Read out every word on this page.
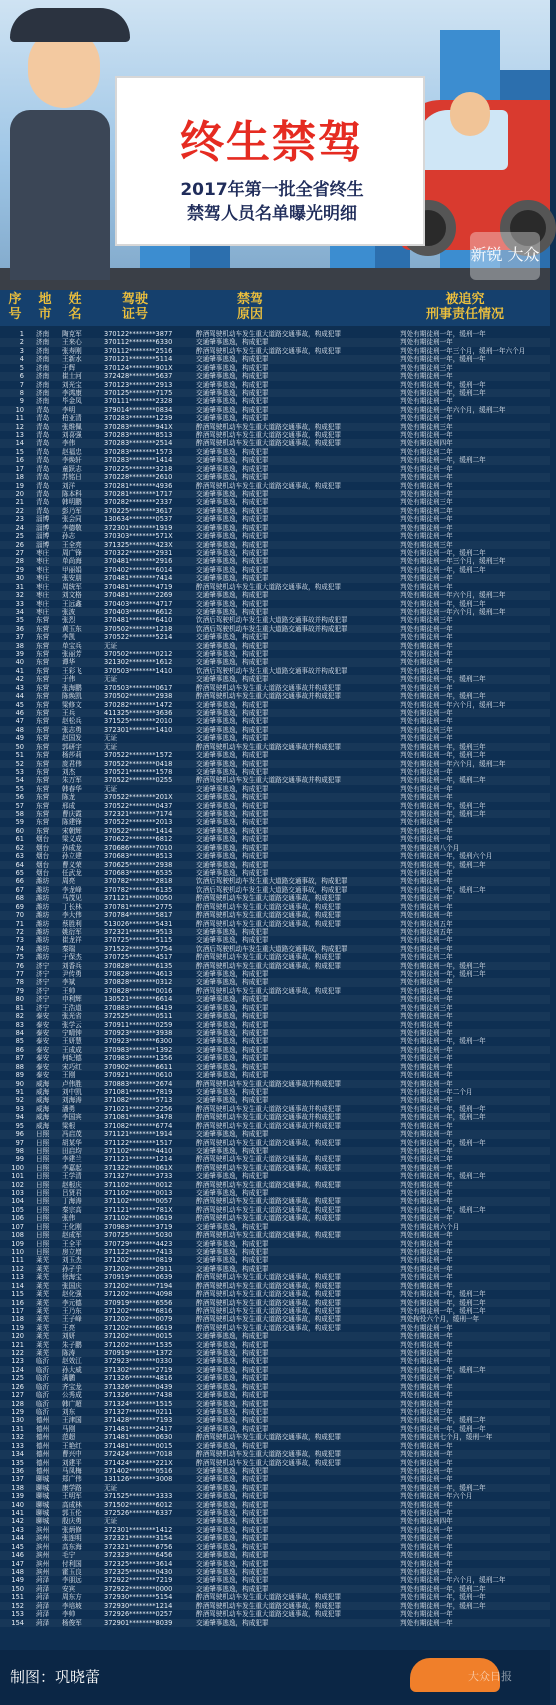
终生禁驾
2017年第一批全省终生
禁驾人员名单曝光明细
新锐 大众
序
号
地
市
姓
名
驾驶
证号
禁驾
原因
被追究
刑事责任情况
1 济南	陶克军	370122********3877	醉酒驾驶机动车发生重大道路交通事故，构成犯罪	判处有期徒刑一年，缓刑一年
2 济南	王来心	370112********6330	交通肇事逃逸，构成犯罪	判处有期徒刑一年
3 济南	张寿刚	370112********2516	醉酒驾驶机动车发生重大道路交通事故，构成犯罪	判处有期徒刑一年三个月，缓刑一年六个月
4 济南	王新水	370121********5114	交通肇事逃逸，构成犯罪	判处有期徒刑一年，缓刑一年
5 济南	于辉	370124********901X	交通肇事逃逸，构成犯罪	判处有期徒刑三年
6 济南	崔士河	372428********5637	交通肇事逃逸，构成犯罪	判处有期徒刑一年
7 济南	刘光宝	370123********2913	交通肇事逃逸，构成犯罪	判处有期徒刑一年，缓刑一年
8 济南	李鸿康	370125********7175	交通肇事逃逸，构成犯罪	判处有期徒刑一年，缓刑二年
9 济南	毕金凤	370111********2328	交通肇事逃逸，构成犯罪	判处有期徒刑一年
10 青岛	李明	379014********0834	交通肇事逃逸，构成犯罪	判处有期徒刑一年六个月，缓刑二年
11 青岛	柏亚清	370283********1239	交通肇事逃逸，构成犯罪	判处有期徒刑一年
12 青岛	张维佩	370283********941X	醉酒驾驶机动车发生重大道路交通事故，构成犯罪	判处有期徒刑三年
13 青岛	刘喜强	370283********8513	醉酒驾驶机动车发生重大道路交通事故，构成犯罪	判处有期徒刑一年
14 青岛	李伟	370283********2514	醉酒驾驶机动车发生重大道路交通事故，构成犯罪	判处有期徒刑四年
15 青岛	赵福忠	370283********1573	交通肇事逃逸，构成犯罪	判处有期徒刑二年
16 青岛	李焕轩	370283********1414	交通肇事逃逸，构成犯罪	判处有期徒刑一年，缓刑二年
17 青岛	童跃志	370225********3218	交通肇事逃逸，构成犯罪	判处有期徒刑一年
18 青岛	苏铭日	370228********2610	交通肇事逃逸，构成犯罪	判处有期徒刑一年
19 青岛	刘洋	370281********4936	醉酒驾驶机动车发生重大道路交通事故，构成犯罪	判处有期徒刑一年
20 青岛	陈本科	370281********1717	交通肇事逃逸，构成犯罪	判处有期徒刑一年
21 青岛	韩明鹏	370282********2337	交通肇事逃逸，构成犯罪	判处有期徒刑三年
22 青岛	彭乃军	370225********3617	交通肇事逃逸，构成犯罪	判处有期徒刑二年
23 淄博	张会同	130634********0537	交通肇事逃逸，构成犯罪	判处有期徒刑一年
24 淄博	李德敬	372301********1919	交通肇事逃逸，构成犯罪	判处有期徒刑一年
25 淄博	孙志	370303********571X	交通肇事逃逸，构成犯罪	判处有期徒刑一年
26 淄博	王全亮	371325********423X	交通肇事逃逸，构成犯罪	判处有期徒刑三年
27 枣庄	周广锋	370322********2931	交通肇事逃逸，构成犯罪	判处有期徒刑一年，缓刑二年
28 枣庄	单尚海	370481********2916	交通肇事逃逸，构成犯罪	判处有期徒刑一年三个月，缓刑三年
29 枣庄	甲丽娟	370402********6014	交通肇事逃逸，构成犯罪	判处有期徒刑一年，缓刑二年
30 枣庄	张安朋	370481********7414	交通肇事逃逸，构成犯罪	判处有期徒刑一年
31 枣庄	周统军	370481********4719	醉酒驾驶机动车发生重大道路交通事故，构成犯罪	判处有期徒刑一年
32 枣庄	刘文格	370481********2269	交通肇事逃逸，构成犯罪	判处有期徒刑一年六个月，缓刑二年
33 枣庄	王远鑫	370403********4717	交通肇事逃逸，构成犯罪	判处有期徒刑一年，缓刑二年
34 枣庄	张波	370403********6612	交通肇事逃逸，构成犯罪	判处有期徒刑一年六个月，缓刑二年
35 东营	张烈	370481********6410	饮酒后驾驶机动车发生重大道路交通事故并构成犯罪	判处有期徒刑三年
36 东营	黄玉东	370502********1218	饮酒后驾驶机动车发生重大道路交通事故并构成犯罪	判处有期徒刑一年
37 东营	李凯	370522********5214	交通肇事逃逸，构成犯罪	判处有期徒刑一年
38 东营	单宝兵	无证	交通肇事逃逸，构成犯罪	判处有期徒刑一年
39 东营	张丽芳	370502********0212	交通肇事逃逸，构成犯罪	判处有期徒刑一年
40 东营	谭华	321302********1612	交通肇事逃逸，构成犯罪	判处有期徒刑一年
41 东营	王彩飞	370503********1410	饮酒后驾驶机动车发生重大道路交通事故并构成犯罪	判处有期徒刑一年
42 东营	于伟	无证	交通肇事逃逸，构成犯罪	判处有期徒刑一年，缓刑二年
43 东营	张海鹏	370503********0617	醉酒驾驶机动车发生重大道路交通事故并构成犯罪	判处有期徒刑一年
44 东营	陈焕凯	370502********2938	醉酒驾驶机动车发生重大道路交通事故并构成犯罪	判处有期徒刑一年，缓刑二年
45 东营	梁修文	370282********1472	交通肇事逃逸，构成犯罪	判处有期徒刑一年六个月，缓刑二年
46 东营	王兵	411325********3636	交通肇事逃逸，构成犯罪	判处有期徒刑一年
47 东营	赵松兵	371525********2010	交通肇事逃逸，构成犯罪	判处有期徒刑一年
48 东营	张志勇	372301********1410	交通肇事逃逸，构成犯罪	判处有期徒刑三年
49 东营	赵国发	无证	交通肇事逃逸，构成犯罪	判处有期徒刑一年
50 东营	郭研宇	无证	醉酒驾驶机动车发生重大道路交通事故并构成犯罪	判处有期徒刑一年，缓刑三年
51 东营	杨莎莉	370522********1572	交通肇事逃逸，构成犯罪	判处有期徒刑一年，缓刑二年
52 东营	庞君伟	370522********0418	交通肇事逃逸，构成犯罪	判处有期徒刑一年六个月，缓刑二年
53 东营	刘杰	370521********1578	交通肇事逃逸，构成犯罪	判处有期徒刑一年
54 东营	朱万军	370522********0255	醉酒驾驶机动车发生重大道路交通事故并构成犯罪	判处有期徒刑一年，缓刑二年
55 东营	韩春华	无证	交通肇事逃逸，构成犯罪	判处有期徒刑一年
56 东营	陈龙	370522********201X	交通肇事逃逸，构成犯罪	判处有期徒刑一年
57 东营	邢成	370522********0437	交通肇事逃逸，构成犯罪	判处有期徒刑一年，缓刑二年
58 东营	曹庆霞	372321********7174	交通肇事逃逸，构成犯罪	判处有期徒刑一年，缓刑二年
59 东营	陈建锋	370522********2013	交通肇事逃逸，构成犯罪	判处有期徒刑一年
60 东营	宋朝辉	370522********1414	交通肇事逃逸，构成犯罪	判处有期徒刑一年
61 烟台	梁义成	370622********6812	交通肇事逃逸，构成犯罪	判处有期徒刑一年
62 烟台	孙成龙	370686********7010	交通肇事逃逸，构成犯罪	判处有期徒刑八个月
63 烟台	孙立建	370683********8513	交通肇事逃逸，构成犯罪	判处有期徒刑一年，缓刑六个月
64 烟台	曹义荣	370625********2938	交通肇事逃逸，构成犯罪	判处有期徒刑一年，缓刑二年
65 烟台	任武龙	370683********6535	交通肇事逃逸，构成犯罪	判处有期徒刑一年
66 潍坊	周亮	370782********2818	饮酒后驾驶机动车发生重大道路交通事故，构成犯罪	判处有期徒刑一年
67 潍坊	李龙峰	370782********6135	饮酒后驾驶机动车发生重大道路交通事故，构成犯罪	判处有期徒刑一年，缓刑二年
68 潍坊	马茂见	371121********0050	醉酒驾驶机动车发生重大道路交通事故，构成犯罪	判处有期徒刑一年
69 潍坊	丁长林	370781********2775	醉酒驾驶机动车发生重大道路交通事故，构成犯罪	判处有期徒刑一年
70 潍坊	李大伟	370784********5817	醉酒驾驶机动车发生重大道路交通事故，构成犯罪	判处有期徒刑一年
71 潍坊	蔡胜利	513026********5431	醉酒驾驶机动车发生重大道路交通事故，构成犯罪	判处有期徒刑五年
72 潍坊	姚衍军	372321********9513	交通肇事逃逸，构成犯罪	判处有期徒刑五年
73 潍坊	崔龙祥	370725********5115	交通肇事逃逸，构成犯罪	判处有期徒刑一年
74 潍坊	秦瑞	371522********5754	饮酒后驾驶机动车发生重大道路交通事故，构成犯罪	判处有期徒刑一年
75 潍坊	于保杰	370725********4517	醉酒驾驶机动车发生重大道路交通事故，构成犯罪	判处有期徒刑二年
76 济宁	刘香兵	370828********6135	醉酒驾驶机动车发生重大道路交通事故，构成犯罪	判处有期徒刑一年，缓刑二年
77 济宁	尹传勇	370828********4613	交通肇事逃逸，构成犯罪	判处有期徒刑一年，缓刑二年
78 济宁	李斌	370828********0312	交通肇事逃逸，构成犯罪	判处有期徒刑一年
79 济宁	王帅	370828********0016	醉酒驾驶机动车发生重大道路交通事故，构成犯罪	判处有期徒刑一年
80 济宁	申利辉	130521********6614	交通肇事逃逸，构成犯罪	判处有期徒刑一年
81 济宁	王浩道	370883********6419	交通肇事逃逸，构成犯罪	判处有期徒刑三年
82 泰安	张光省	372525********0511	交通肇事逃逸，构成犯罪	判处有期徒刑一年
83 泰安	张学云	370911********0259	交通肇事逃逸，构成犯罪	判处有期徒刑一年
84 泰安	宁晴钟	370923********3938	交通肇事逃逸，构成犯罪	判处有期徒刑一年
85 泰安	王妍慧	370923********6300	交通肇事逃逸，构成犯罪	判处有期徒刑一年，缓刑一年
86 泰安	王成成	370983********1392	交通肇事逃逸，构成犯罪	判处有期徒刑一年
87 泰安	何纪德	370983********1356	交通肇事逃逸，构成犯罪	判处有期徒刑一年
88 泰安	宋巧红	370902********6611	交通肇事逃逸，构成犯罪	判处有期徒刑一年
89 泰安	王刚	370921********0610	交通肇事逃逸，构成犯罪	判处有期徒刑一年
90 威海	卢伟胜	370883********2674	醉酒驾驶机动车发生重大道路交通事故并构成犯罪	判处有期徒刑一年
91 威海	刘中凯	371081********7819	交通肇事逃逸，构成犯罪	判处有期徒刑一年二个月
92 威海	刘海涛	371082********5713	交通肇事逃逸，构成犯罪	判处有期徒刑一年
93 威海	潘勇	371021********2256	醉酒驾驶机动车发生重大道路交通事故并构成犯罪	判处有期徒刑一年，缓刑一年
94 威海	李国宾	371081********3478	醉酒驾驶机动车发生重大道路交通事故并构成犯罪	判处有期徒刑一年，缓刑二年
95 威海	梁根	371082********6774	醉酒驾驶机动车发生重大道路交通事故并构成犯罪	判处有期徒刑一年
96 日照	冯启茂	371121********1914	交通肇事逃逸，构成犯罪	判处有期徒刑一年
97 日照	胡某华	371122********1517	醉酒驾驶机动车发生重大道路交通事故，构成犯罪	判处有期徒刑一年，缓刑一年
98 日照	田启均	371102********4410	交通肇事逃逸，构成犯罪	判处有期徒刑一年
99 日照	李建兰	371121********1214	醉酒驾驶机动车发生重大道路交通事故，构成犯罪	判处有期徒刑二年
100 日照	李嘉起	371322********061X	醉酒驾驶机动车发生重大道路交通事故，构成犯罪	判处有期徒刑一年
101 日照	王学清	371327********3733	交通肇事逃逸，构成犯罪	判处有期徒刑一年，缓刑二年
102 日照	赵根庆	371102********0012	醉酒驾驶机动车发生重大道路交通事故，构成犯罪	判处有期徒刑一年
103 日照	吕贤君	371102********0013	交通肇事逃逸，构成犯罪	判处有期徒刑一年
104 日照	丁海涛	371102********0057	醉酒驾驶机动车发生重大道路交通事故，构成犯罪	判处有期徒刑一年
105 日照	秦宗高	371121********781X	醉酒驾驶机动车发生重大道路交通事故，构成犯罪	判处有期徒刑一年，缓刑二年
106 日照	张伟	371102********0619	醉酒驾驶机动车发生重大道路交通事故，构成犯罪	判处有期徒刑一年
107 日照	王化刚	370983********3719	交通肇事逃逸，构成犯罪	判处有期徒刑六个月
108 日照	赵成军	370725********5030	醉酒驾驶机动车发生重大道路交通事故，构成犯罪	判处有期徒刑一年
109 日照	王全平	370729********4423	交通肇事逃逸，构成犯罪	判处有期徒刑一年
110 日照	房立增	371122********7413	交通肇事逃逸，构成犯罪	判处有期徒刑一年
111 莱芜	刘玉杰	371202********0819	交通肇事逃逸，构成犯罪	判处有期徒刑一年
112 莱芜	孙孑乎	371202********2911	交通肇事逃逸，构成犯罪	判处有期徒刑一年
113 莱芜	徐海宝	370919********0639	醉酒驾驶机动车发生重大道路交通事故，构成犯罪	判处有期徒刑一年
114 莱芜	张国庆	371202********7194	醉酒驾驶机动车发生重大道路交通事故，构成犯罪	判处有期徒刑一年
115 莱芜	赵化强	371202********4098	醉酒驾驶机动车发生重大道路交通事故，构成犯罪	判处有期徒刑一年，缓刑二年
116 莱芜	李元德	370919********6556	醉酒驾驶机动车发生重大道路交通事故，构成犯罪	判处有期徒刑一年，缓刑二年
117 莱芜	王乃东	371202********6816	醉酒驾驶机动车发生重大道路交通事故，构成犯罪	判处有期徒刑一年，缓刑二年
118 莱芜	王子峰	371202********0079	醉酒驾驶机动车发生重大道路交通事故，构成犯罪	判处拘役六个月，缓刑一年
119 莱芜	王亮	371202********6619	醉酒驾驶机动车发生重大道路交通事故，构成犯罪	判处有期徒刑一年
120 莱芜	刘妍	371202********0015	交通肇事逃逸，构成犯罪	判处有期徒刑一年
121 莱芜	朱子鹏	371202********1535	交通肇事逃逸，构成犯罪	判处有期徒刑一年
122 莱芜	陈涛	370919********1372	交通肇事逃逸，构成犯罪	判处有期徒刑一年
123 临沂	赵效江	372923********0330	交通肇事逃逸，构成犯罪	判处有期徒刑一年
124 临沂	孙大威	371302********2719	交通肇事逃逸，构成犯罪	判处有期徒刑一年，缓刑二年
125 临沂	满鹏	371326********4816	交通肇事逃逸，构成犯罪	判处有期徒刑一年
126 临沂	齐宝龙	371326********0439	交通肇事逃逸，构成犯罪	判处有期徒刑一年
127 临沂	公秀成	371326********7438	交通肇事逃逸，构成犯罪	判处有期徒刑一年
128 临沂	韩广超	371324********1515	交通肇事逃逸，构成犯罪	判处有期徒刑一年
129 临沂	刘东	371327********0211	交通肇事逃逸，构成犯罪	判处有期徒刑三年
130 德州	王津国	371428********7193	交通肇事逃逸，构成犯罪	判处有期徒刑一年，缓刑二年
131 德州	马刚	371481********2417	交通肇事逃逸，构成犯罪	判处有期徒刑一年，缓刑一年
132 德州	范超	371481********0630	醉酒驾驶机动车发生重大道路交通事故，构成犯罪	判处有期徒刑七个月，缓刑一年
133 德州	王艳红	371481********0015	交通肇事逃逸，构成犯罪	判处有期徒刑一年
134 德州	曹兴中	372424********7018	醉酒驾驶机动车发生重大道路交通事故，构成犯罪	判处有期徒刑一年
135 德州	刘建平	371424********221X	醉酒驾驶机动车发生重大道路交通事故，构成犯罪	判处有期徒刑一年
136 德州	马凤梅	371402********0516	交通肇事逃逸，构成犯罪	判处有期徒刑一年
137 聊城	郑广伟	131126********3008	交通肇事逃逸，构成犯罪	判处有期徒刑一年
138 聊城	康学路	无证	交通肇事逃逸，构成犯罪	判处有期徒刑一年，缓刑二年
139 聊城	王明军	371525********3333	交通肇事逃逸，构成犯罪	判处有期徒刑一年六个月
140 聊城	高成林	371502********6012	交通肇事逃逸，构成犯罪	判处有期徒刑一年
141 聊城	郭玉伦	372526********6337	交通肇事逃逸，构成犯罪	判处有期徒刑一年
142 聊城	殷庆勇	无证	交通肇事逃逸，构成犯罪	判处有期徒刑四年
143 滨州	张炳修	372301********1412	交通肇事逃逸，构成犯罪	判处有期徒刑一年
144 滨州	张连明	372321********3154	交通肇事逃逸，构成犯罪	判处有期徒刑一年
145 滨州	高东海	372321********6756	交通肇事逃逸，构成犯罪	判处有期徒刑一年
146 滨州	毛宁	372323********6456	交通肇事逃逸，构成犯罪	判处有期徒刑一年
147 滨州	付利国	372325********3614	交通肇事逃逸，构成犯罪	判处有期徒刑一年
148 滨州	霍玉良	372325********0430	交通肇事逃逸，构成犯罪	判处有期徒刑一年
149 菏泽	李朋远	372922********7219	交通肇事逃逸，构成犯罪	判处有期徒刑一年六个月，缓刑二年
150 菏泽	安宾	372922********0000	交通肇事逃逸，构成犯罪	判处有期徒刑一年，缓刑二年
151 菏泽	周东方	372930********5154	醉酒驾驶机动车发生重大道路交通事故，构成犯罪	判处有期徒刑一年，缓刑一年
152 菏泽	李培坡	372930********1214	醉酒驾驶机动车发生重大道路交通事故，构成犯罪	判处有期徒刑一年，缓刑二年
153 菏泽	李帅	372926********0257	醉酒驾驶机动车发生重大道路交通事故，构成犯罪	判处有期徒刑一年
154 菏泽	杨俊军	372901********8039	交通肇事逃逸，构成犯罪	判处有期徒刑一年
制图：巩晓蕾	大众日报
